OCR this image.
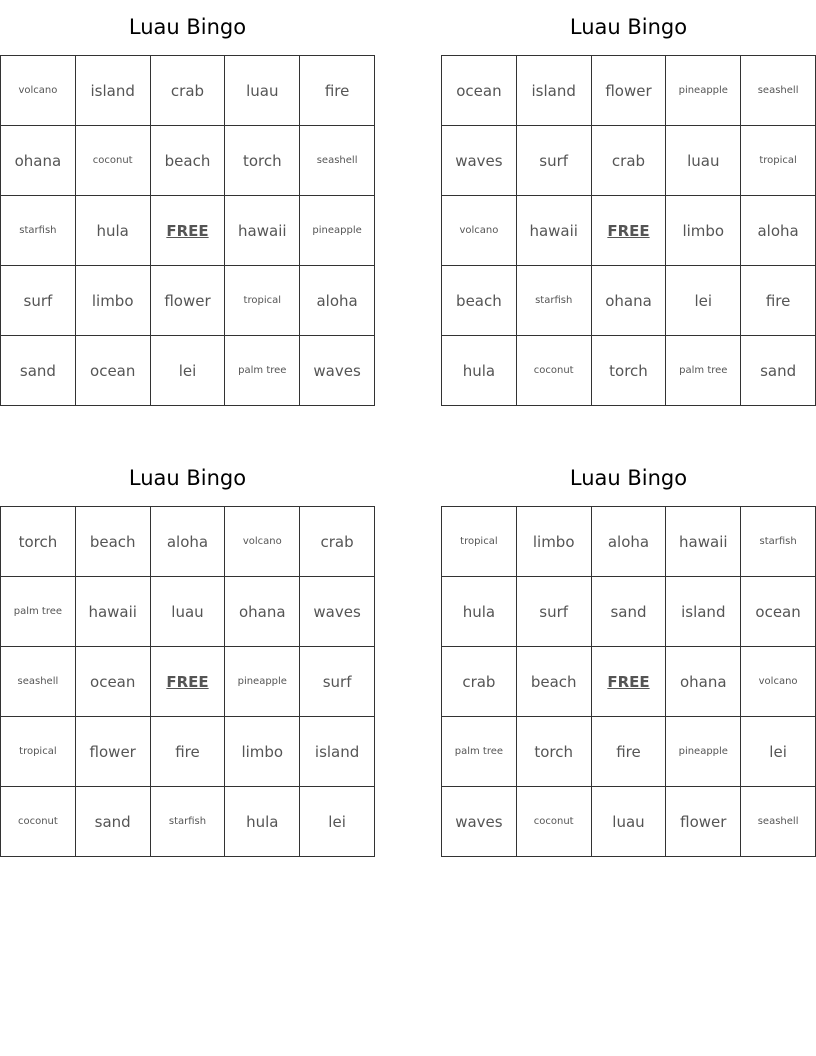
Luau Bingo
volcano	island	crab	luau	fire
ohana	coconut	beach	torch	seashell
starfish	hula	FREE	hawaii	pineapple
surf	limbo	flower	tropical	aloha
sand	ocean	lei	palm tree	waves
Luau Bingo
ocean	island	flower	pineapple	seashell
waves	surf	crab	luau	tropical
volcano	hawaii	FREE	limbo	aloha
beach	starfish	ohana	lei	fire
hula	coconut	torch	palm tree	sand
Luau Bingo
torch	beach	aloha	volcano	crab
palm tree	hawaii	luau	ohana	waves
seashell	ocean	FREE	pineapple	surf
tropical	flower	fire	limbo	island
coconut	sand	starfish	hula	lei
Luau Bingo
tropical	limbo	aloha	hawaii	starfish
hula	surf	sand	island	ocean
crab	beach	FREE	ohana	volcano
palm tree	torch	fire	pineapple	lei
waves	coconut	luau	flower	seashell
